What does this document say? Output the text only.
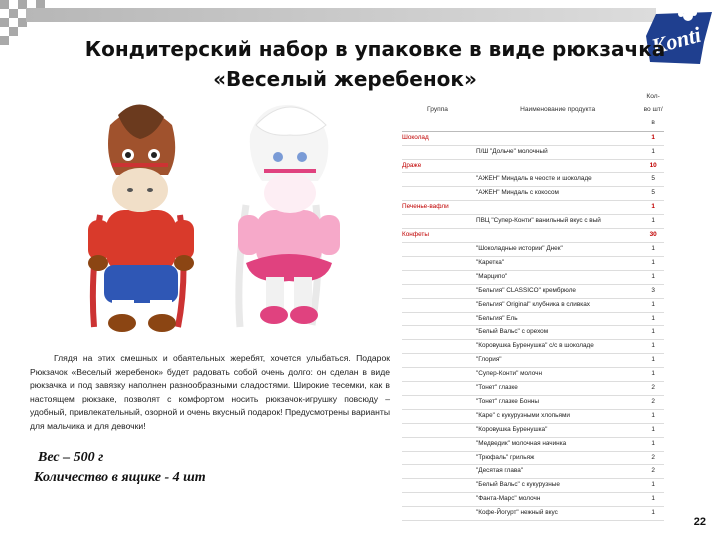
Konti
Кондитерский набор в упаковке в виде рюкзачка
«Веселый жеребенок»
Глядя на этих смешных и обаятельных жеребят, хочется улыбаться. Подарок Рюкзачок «Веселый жеребенок» будет радовать собой очень долго: он сделан в виде рюкзачка и под завязку наполнен разнообразными сладостями. Широкие тесемки, как в настоящем рюкзаке, позволят с комфортом носить рюкзачок-игрушку повсюду – удобный, привлекательный, озорной и очень вкусный подарок! Предусмотрены варианты для мальчика и для девочки!
Вес – 500 г
Количество в ящике - 4 шт
22
Группа	Наименование продукта	Кол-во шт/в
Шоколад		1
	П/Ш "Дольче" молочный	1
Драже		10
	"АЖЕН" Миндаль в чеосте и шоколаде	5
	"АЖЕН" Миндаль с кокосом	5
Печенье-вафли		1
	ПВЦ "Супер-Конти" ванильный вкус с вый	1
Конфеты		30
	"Шоколадные истории" Днек"	1
	"Каретка"	1
	"Марципо"	1
	"Бельгия" CLASSICO" крембрюле	3
	"Бельгия" Original" клубника в сливках	1
	"Бельгия" Ель	1
	"Белый Вальс" с орехом	1
	"Коровушка Буренушка" с/с в шоколаде	1
	"Глория"	1
	"Супер-Конти" молочн	1
	"Тонет" глазке	2
	"Тонет" глазке Бонны	2
	"Каре" с кукурузными хлопьями	1
	"Коровушка Буренушка"	1
	"Медведик" молочная начинка	1
	"Трюфаль" грильяж	2
	"Десятая глава"	2
	"Белый Вальс" с кукурузные	1
	"Фанта-Марс" молочн	1
	"Кофе-Йогурт" нежный вкус	1
